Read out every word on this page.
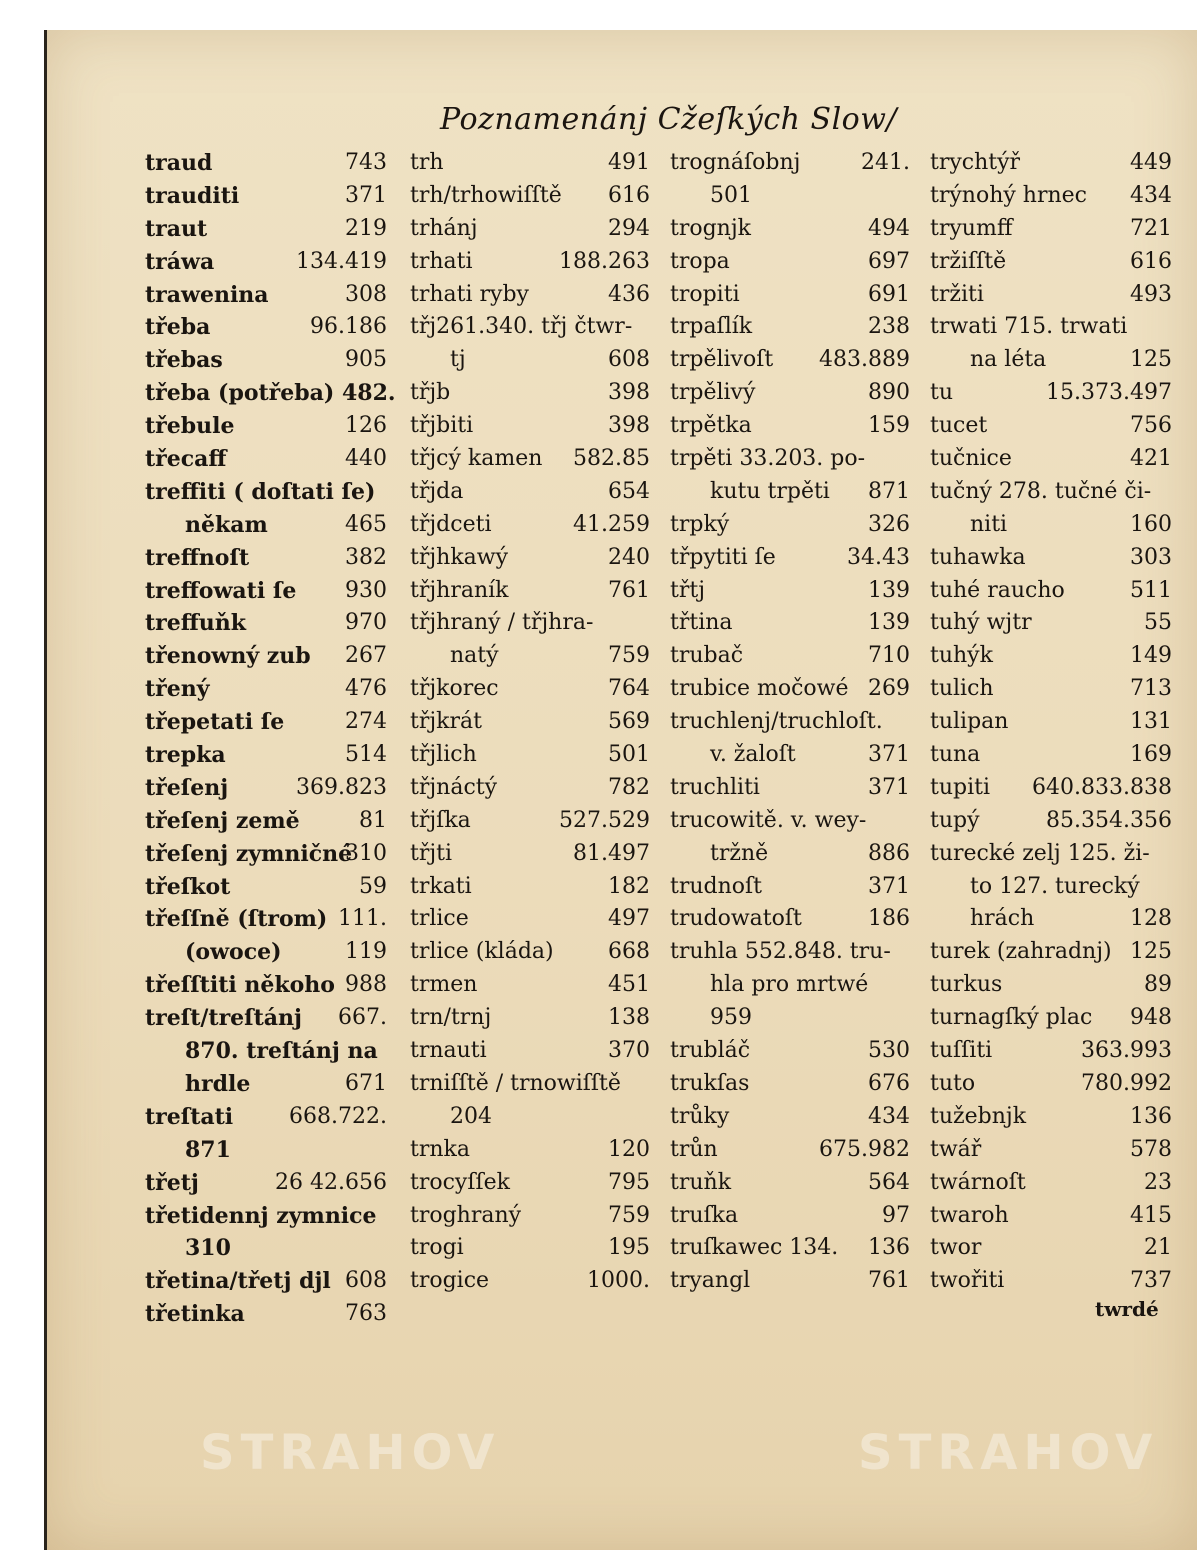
Poznamenánj Cžeſkých Slow/
traud	743
trauditi	371
traut	219
tráwa	134.419
trawenina	308
třeba	96.186
třebas	905
třeba (potřeba) 482.
třebule	126
třecaff	440
treffiti ( doſtati ſe)
někam	465
treffnoſt	382
treffowati ſe 930
treffuňk	970
třenowný zub 267
třený	476
třepetati ſe	274
trepka	514
třeſenj	369.823
třeſenj země	81
třeſenj zymničné
310
třeſkot	59
třeſſně (ſtrom) 111.
(owoce)	119
třeſſtiti někoho 988
treſt/treſtánj 667.
870. treſtánj na
hrdle	671
treſtati	668.722.
871
třetj	26 42.656
třetidennj zymnice
310
třetina/třetj djl 608
třetinka	763
trh	491
trh/trhowiſſtě 616
trhánj	294
trhati	188.263
trhati ryby	436
třj261.340. třj čtwr-
tj	608
třjb	398
třjbiti	398
třjcý kamen 582.85
třjda	654
třjdceti	41.259
třjhkawý	240
třjhraník	761
třjhraný / třjhra-
natý	759
třjkorec	764
třjkrát	569
třjlich	501
třjnáctý	782
třjſka	527.529
třjti	81.497
trkati	182
trlice	497
trlice (kláda) 668
trmen	451
trn/trnj	138
trnauti	370
trniſſtě / trnowiſſtě
204
trnka	120
trocyſſek	795
troghraný	759
trogi	195
trogice	1000.
trognáſobnj	241.
501
trognjk	494
tropa	697
tropiti	691
trpaſlík	238
trpělivoſt 483.889
trpělivý	890
trpětka	159
trpěti 33.203. po-
kutu trpěti 871
trpký	326
třpytiti ſe	34.43
třtj	139
třtina	139
trubač	710
trubice močowé 269
truchlenj/truchloſt.
v. žaloſt	371
truchliti	371
trucowitě. v. wey-
tržně	886
trudnoſt	371
trudowatoſt	186
truhla 552.848. tru-
hla pro mrtwé
959
trubláč	530
trukſas	676
trůky	434
trůn	675.982
truňk	564
truſka	97
truſkawec 134. 136
tryangl	761
trychtýř	449
trýnohý hrnec 434
tryumff	721
tržiſſtě	616
tržiti	493
trwati 715. trwati
na léta	125
tu	15.373.497
tucet	756
tučnice	421
tučný 278. tučné či-
niti	160
tuhawka	303
tuhé raucho	511
tuhý wjtr	55
tuhýk	149
tulich	713
tulipan	131
tuna	169
tupiti 640.833.838
tupý	85.354.356
turecké zelj 125. ži-
to 127. turecký
hrách	128
turek (zahradnj) 125
turkus	89
turnagſký plac 948
tuſſiti	363.993
tuto	780.992
tužebnjk	136
twář	578
twárnoſt	23
twaroh	415
twor	21
twořiti	737
twrdé
STRAHOV	STRAHOV
